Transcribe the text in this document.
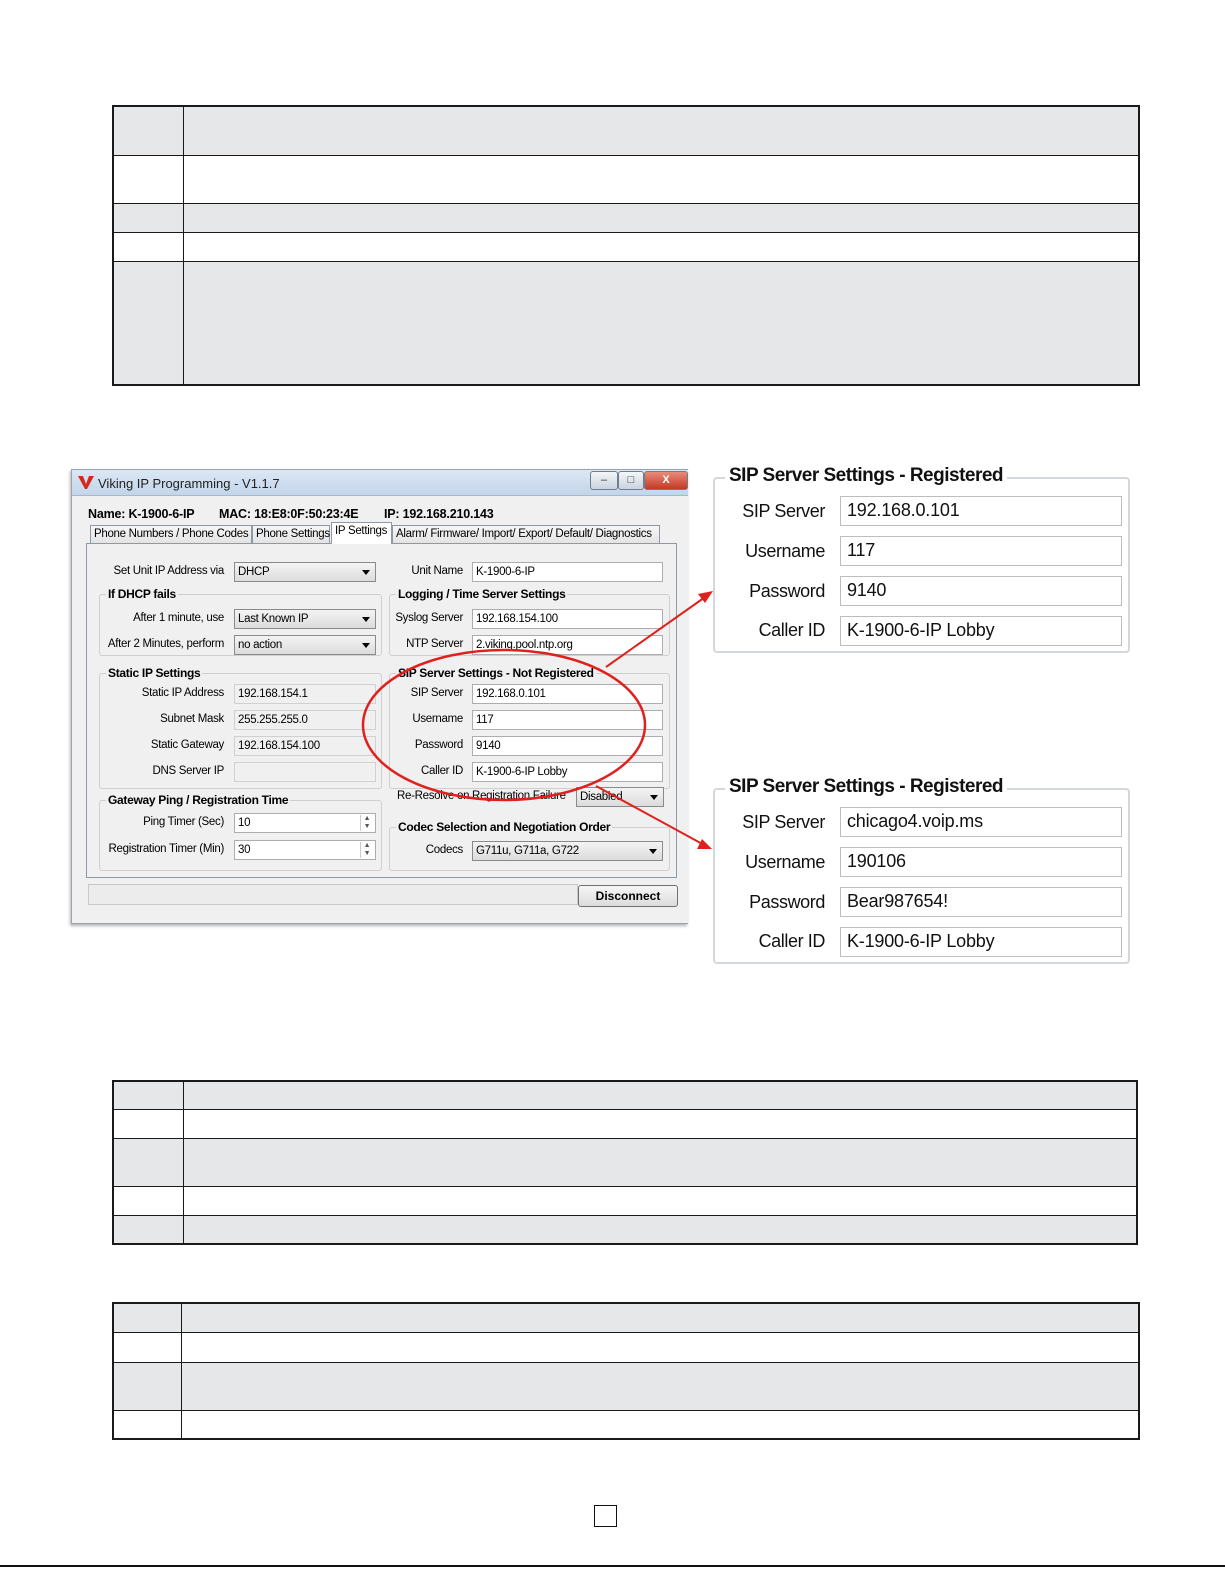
Viking IP Programming - V1.1.7	–	□	X
Name: K-1900-6-IP MAC: 18:E8:0F:50:23:4E IP: 192.168.210.143
Phone Numbers / Phone Codes Phone Settings IP Settings Alarm/ Firmware/ Import/ Export/ Default/ Diagnostics
Set Unit IP Address via	DHCP
If DHCP fails
After 1 minute, use	Last Known IP
After 2 Minutes, perform	no action
Static IP Settings
Static IP Address	192.168.154.1
Subnet Mask	255.255.255.0
Static Gateway	192.168.154.100
DNS Server IP
Gateway Ping / Registration Time
Ping Timer (Sec)	10	▲
▼
Registration Timer (Min)	30	▲
▼
Unit Name	K-1900-6-IP
Logging / Time Server Settings
Syslog Server	192.168.154.100
NTP Server	2.viking.pool.ntp.org
SIP Server Settings - Not Registered
SIP Server	192.168.0.101
Username	117
Password	9140
Caller ID	K-1900-6-IP Lobby
Re-Resolve on Registration Failure	Disabled
Codec Selection and Negotiation Order
Codecs	G711u, G711a, G722
Disconnect
SIP Server Settings - Registered
SIP Server	192.168.0.101
Username	117
Password	9140
Caller ID	K-1900-6-IP Lobby
SIP Server Settings - Registered
SIP Server	chicago4.voip.ms
Username	190106
Password	Bear987654!
Caller ID	K-1900-6-IP Lobby
